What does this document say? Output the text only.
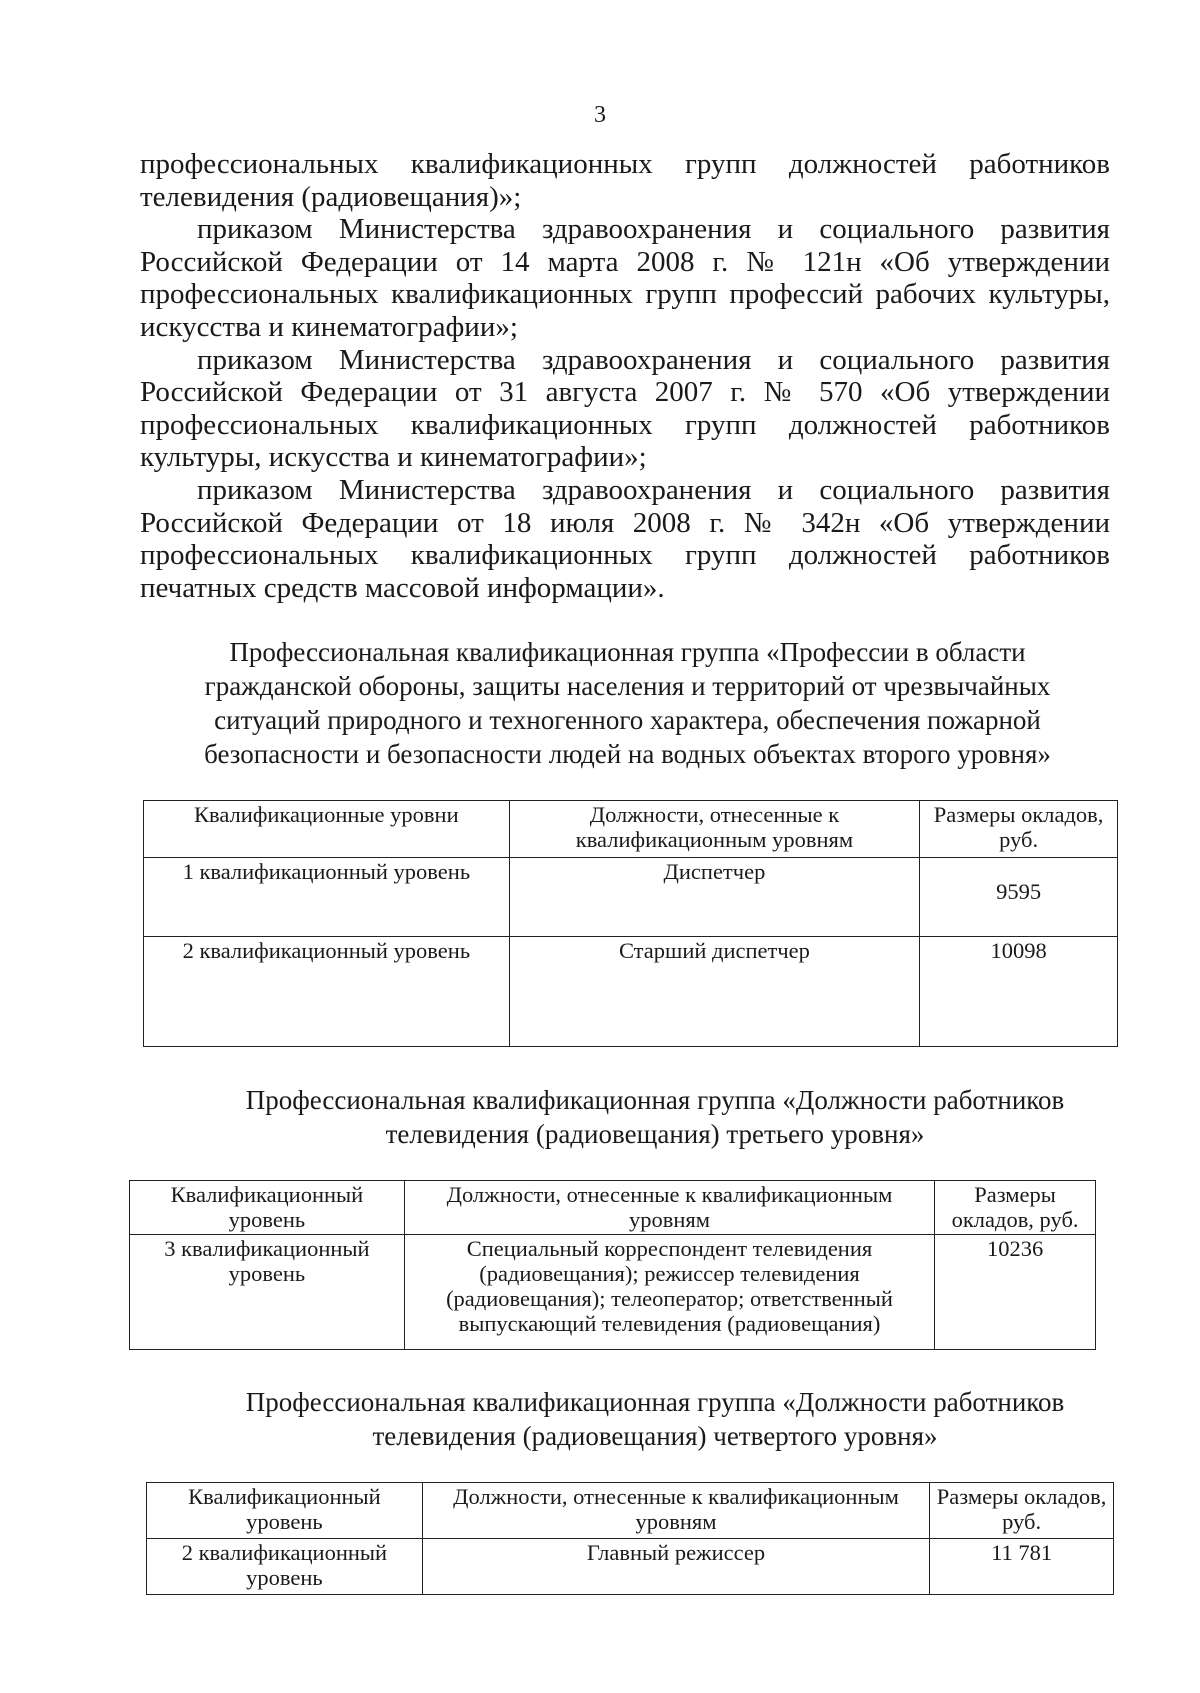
3

профессиональных квалификационных групп должностей работников телевидения (радиовещания)»;

приказом Министерства здравоохранения и социального развития Российской Федерации от 14 марта 2008 г. № 121н «Об утверждении профессиональных квалификационных групп профессий рабочих культуры, искусства и кинематографии»;

приказом Министерства здравоохранения и социального развития Российской Федерации от 31 августа 2007 г. № 570 «Об утверждении профессиональных квалификационных групп должностей работников культуры, искусства и кинематографии»;

приказом Министерства здравоохранения и социального развития Российской Федерации от 18 июля 2008 г. № 342н «Об утверждении профессиональных квалификационных групп должностей работников печатных средств массовой информации».

Профессиональная квалификационная группа «Профессии в области гражданской обороны, защиты населения и территорий от чрезвычайных ситуаций природного и техногенного характера, обеспечения пожарной безопасности и безопасности людей на водных объектах второго уровня»
Квалификационные уровни	Должности, отнесенные к квалификационным уровням	Размеры окладов, руб.
1 квалификационный уровень	Диспетчер	9595

2 квалификационный уровень	Старший диспетчер	10098
Профессиональная квалификационная группа «Должности работников телевидения (радиовещания) третьего уровня»
Квалификационный уровень	Должности, отнесенные к квалификационным уровням	Размеры окладов, руб.
3 квалификационный уровень	Специальный корреспондент телевидения (радиовещания); режиссер телевидения (радиовещания); телеоператор; ответственный выпускающий телевидения (радиовещания)	10236
Профессиональная квалификационная группа «Должности работников телевидения (радиовещания) четвертого уровня»
Квалификационный уровень	Должности, отнесенные к квалификационным уровням	Размеры окладов, руб.
2 квалификационный уровень	Главный режиссер	11 781
